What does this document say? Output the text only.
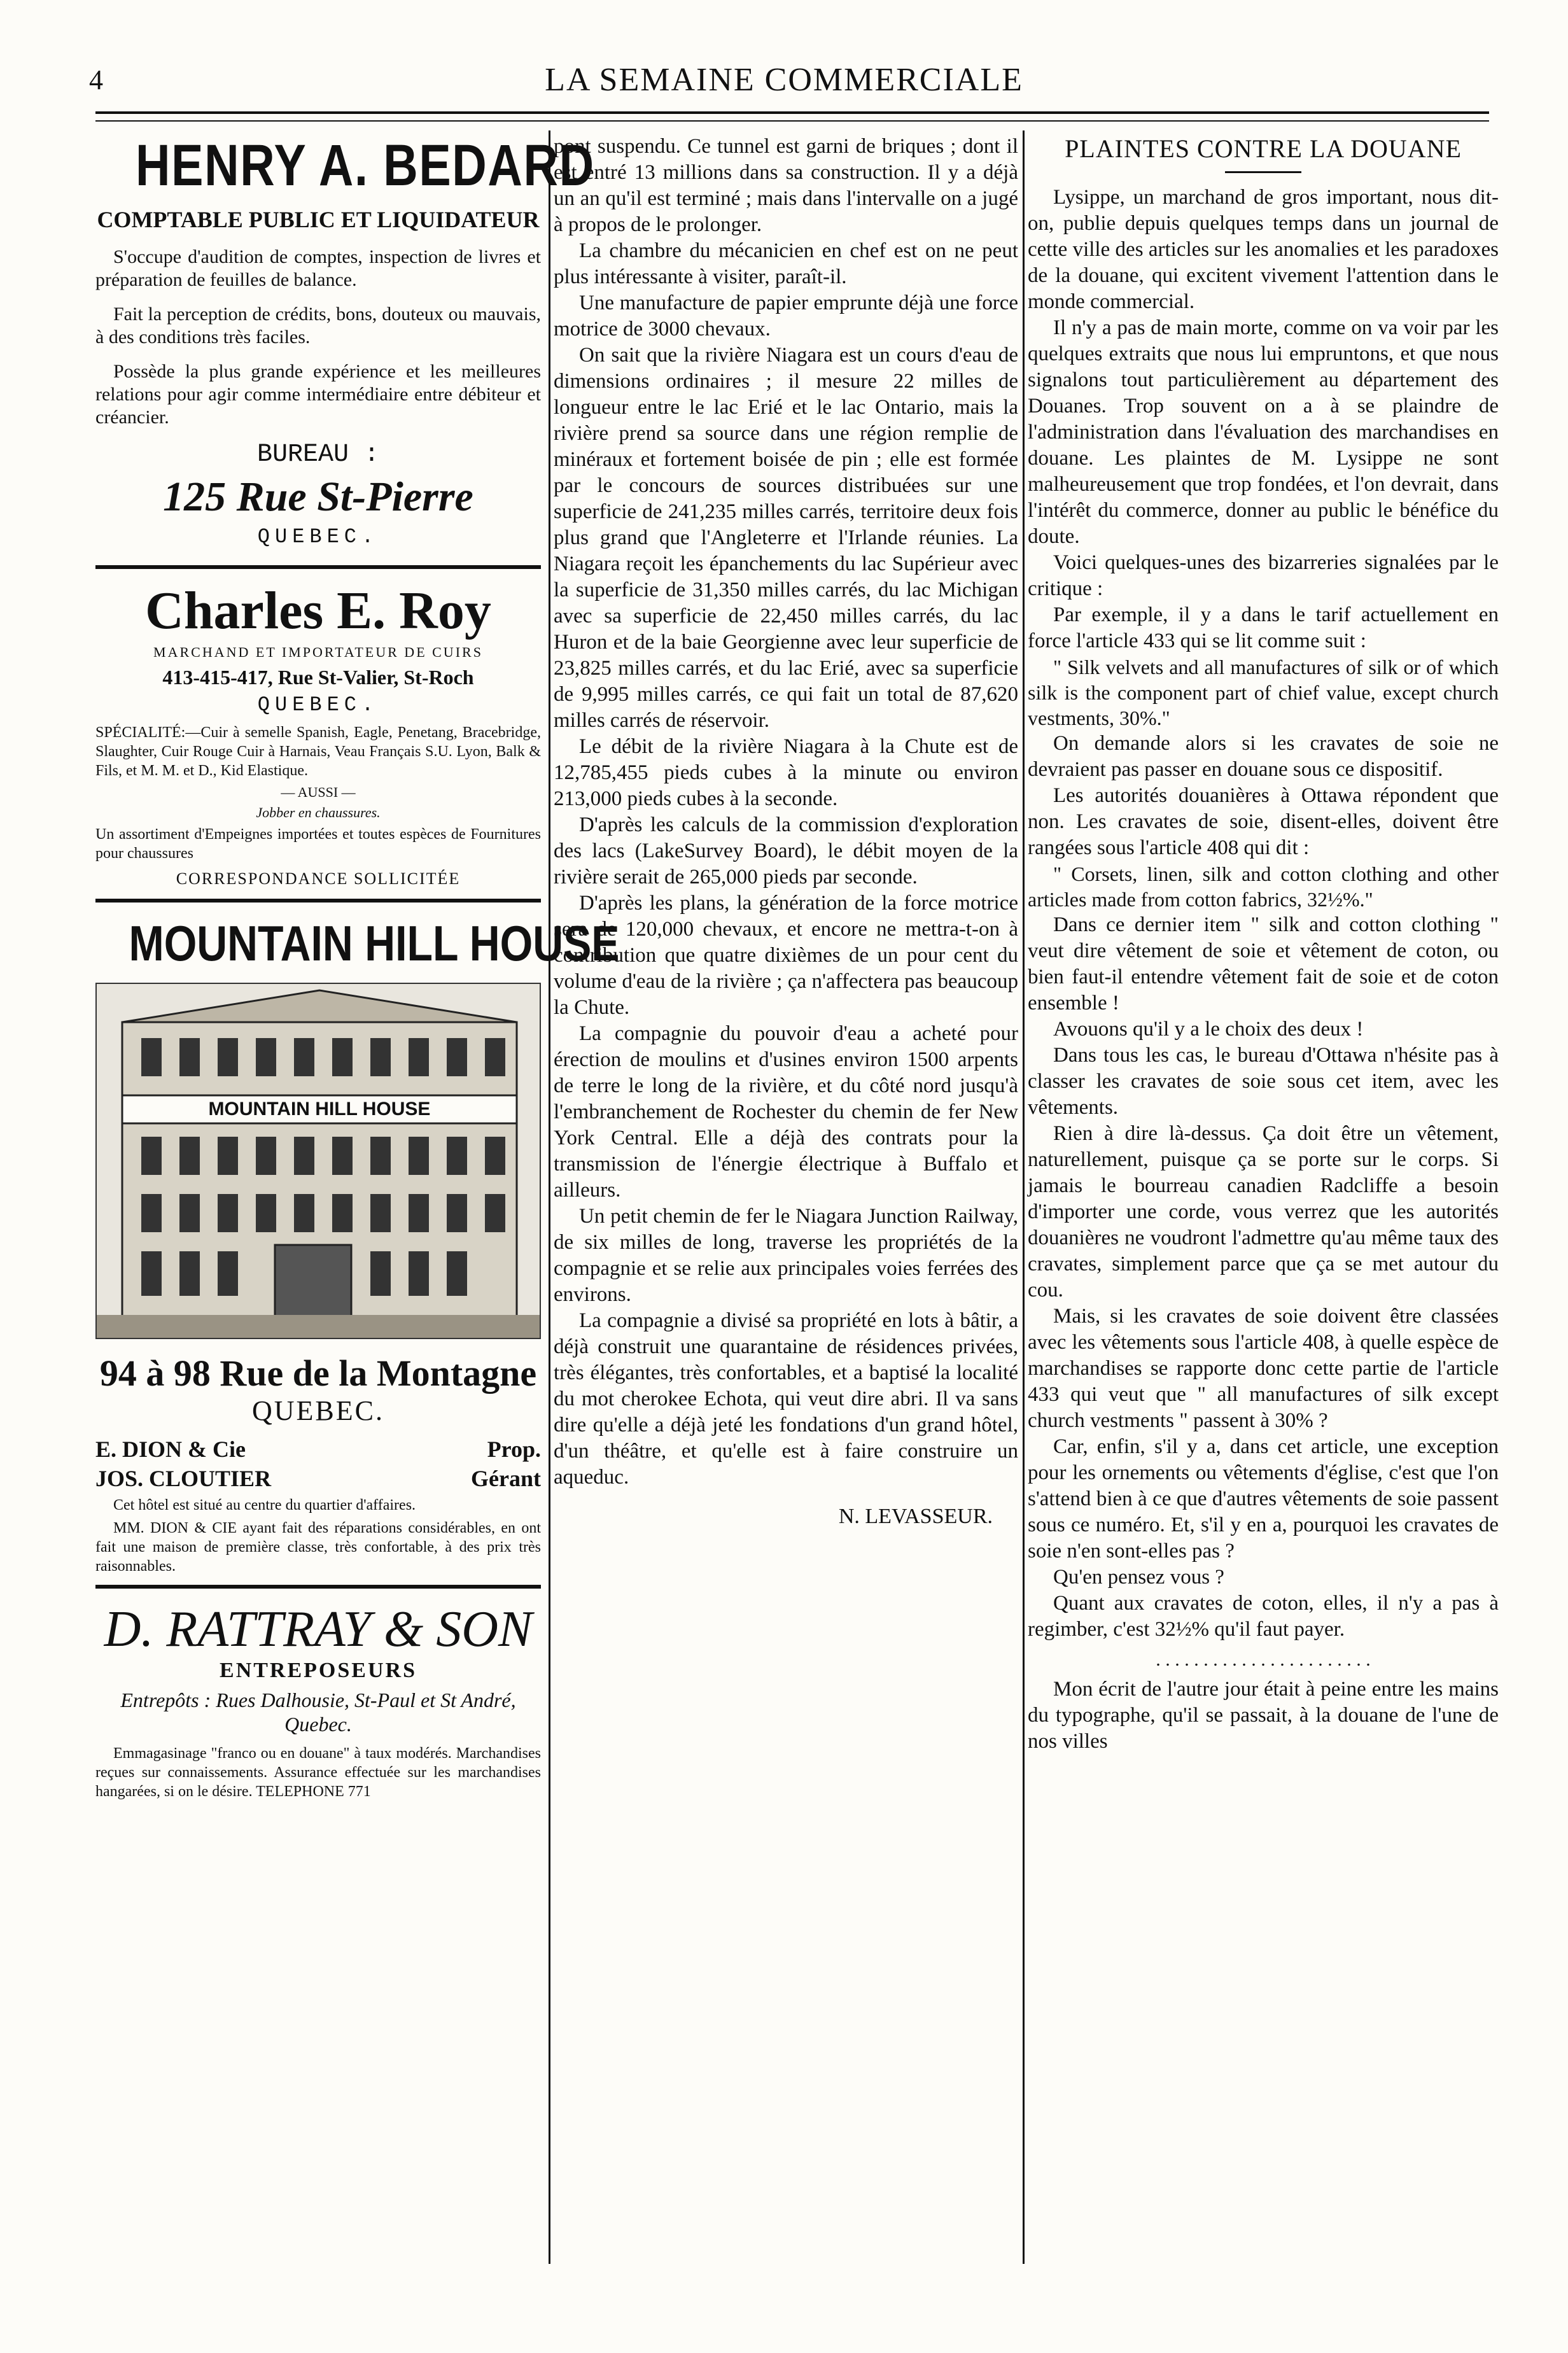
4	LA SEMAINE COMMERCIALE
HENRY A. BEDARD
COMPTABLE PUBLIC ET LIQUIDATEUR

S'occupe d'audition de comptes, inspection de livres et préparation de feuilles de balance.

Fait la perception de crédits, bons, douteux ou mauvais, à des conditions très faciles.

Possède la plus grande expérience et les meilleures relations pour agir comme intermédiaire entre débiteur et créancier.

BUREAU :
125 Rue St-Pierre
QUEBEC.
Charles E. Roy
MARCHAND ET IMPORTATEUR DE CUIRS
413-415-417, Rue St-Valier, St-Roch
QUEBEC.

SPÉCIALITÉ:—Cuir à semelle Spanish, Eagle, Penetang, Bracebridge, Slaughter, Cuir Rouge Cuir à Harnais, Veau Français S.U. Lyon, Balk & Fils, et M. M. et D., Kid Elastique.

— AUSSI —
Jobber en chaussures.

Un assortiment d'Empeignes importées et toutes espèces de Fournitures pour chaussures

CORRESPONDANCE SOLLICITÉE
MOUNTAIN HILL HOUSE
MOUNTAIN HILL HOUSE
94 à 98 Rue de la Montagne
QUEBEC.
E. DION & Cie	Prop.
JOS. CLOUTIER	Gérant

Cet hôtel est situé au centre du quartier d'affaires.

MM. DION & CIE ayant fait des réparations considérables, en ont fait une maison de première classe, très confortable, à des prix très raisonnables.

D. RATTRAY & SON
ENTREPOSEURS
Entrepôts : Rues Dalhousie, St-Paul et St André, Quebec.

Emmagasinage "franco ou en douane" à taux modérés. Marchandises reçues sur connaissements. Assurance effectuée sur les marchandises hangarées, si on le désire. TELEPHONE 771

pont suspendu. Ce tunnel est garni de briques ; dont il est entré 13 millions dans sa construction. Il y a déjà un an qu'il est terminé ; mais dans l'intervalle on a jugé à propos de le prolonger.

La chambre du mécanicien en chef est on ne peut plus intéressante à visiter, paraît-il.

Une manufacture de papier emprunte déjà une force motrice de 3000 chevaux.

On sait que la rivière Niagara est un cours d'eau de dimensions ordinaires ; il mesure 22 milles de longueur entre le lac Erié et le lac Ontario, mais la rivière prend sa source dans une région remplie de minéraux et fortement boisée de pin ; elle est formée par le concours de sources distribuées sur une superficie de 241,235 milles carrés, territoire deux fois plus grand que l'Angleterre et l'Irlande réunies. La Niagara reçoit les épanchements du lac Supérieur avec la superficie de 31,350 milles carrés, du lac Michigan avec sa superficie de 22,450 milles carrés, du lac Huron et de la baie Georgienne avec leur superficie de 23,825 milles carrés, et du lac Erié, avec sa superficie de 9,995 milles carrés, ce qui fait un total de 87,620 milles carrés de réservoir.

Le débit de la rivière Niagara à la Chute est de 12,785,455 pieds cubes à la minute ou environ 213,000 pieds cubes à la seconde.

D'après les calculs de la commission d'exploration des lacs (LakeSurvey Board), le débit moyen de la rivière serait de 265,000 pieds par seconde.

D'après les plans, la génération de la force motrice sera de 120,000 chevaux, et encore ne mettra-t-on à contribution que quatre dixièmes de un pour cent du volume d'eau de la rivière ; ça n'affectera pas beaucoup la Chute.

La compagnie du pouvoir d'eau a acheté pour érection de moulins et d'usines environ 1500 arpents de terre le long de la rivière, et du côté nord jusqu'à l'embranchement de Rochester du chemin de fer New York Central. Elle a déjà des contrats pour la transmission de l'énergie électrique à Buffalo et ailleurs.

Un petit chemin de fer le Niagara Junction Railway, de six milles de long, traverse les propriétés de la compagnie et se relie aux principales voies ferrées des environs.

La compagnie a divisé sa propriété en lots à bâtir, a déjà construit une quarantaine de résidences privées, très élégantes, très confortables, et a baptisé la localité du mot cherokee Echota, qui veut dire abri. Il va sans dire qu'elle a déjà jeté les fondations d'un grand hôtel, d'un théâtre, et qu'elle est à faire construire un aqueduc.

N. LEVASSEUR.
PLAINTES CONTRE LA DOUANE

Lysippe, un marchand de gros important, nous dit-on, publie depuis quelques temps dans un journal de cette ville des articles sur les anomalies et les paradoxes de la douane, qui excitent vivement l'attention dans le monde commercial.

Il n'y a pas de main morte, comme on va voir par les quelques extraits que nous lui empruntons, et que nous signalons tout particulièrement au département des Douanes. Trop souvent on a à se plaindre de l'administration dans l'évaluation des marchandises en douane. Les plaintes de M. Lysippe ne sont malheureusement que trop fondées, et l'on devrait, dans l'intérêt du commerce, donner au public le bénéfice du doute.

Voici quelques-unes des bizarreries signalées par le critique :

Par exemple, il y a dans le tarif actuellement en force l'article 433 qui se lit comme suit :

" Silk velvets and all manufactures of silk or of which silk is the component part of chief value, except church vestments, 30%."

On demande alors si les cravates de soie ne devraient pas passer en douane sous ce dispositif.

Les autorités douanières à Ottawa répondent que non. Les cravates de soie, disent-elles, doivent être rangées sous l'article 408 qui dit :

" Corsets, linen, silk and cotton clothing and other articles made from cotton fabrics, 32½%."

Dans ce dernier item " silk and cotton clothing " veut dire vêtement de soie et vêtement de coton, ou bien faut-il entendre vêtement fait de soie et de coton ensemble !

Avouons qu'il y a le choix des deux !

Dans tous les cas, le bureau d'Ottawa n'hésite pas à classer les cravates de soie sous cet item, avec les vêtements.

Rien à dire là-dessus. Ça doit être un vêtement, naturellement, puisque ça se porte sur le corps. Si jamais le bourreau canadien Radcliffe a besoin d'importer une corde, vous verrez que les autorités douanières ne voudront l'admettre qu'au même taux des cravates, simplement parce que ça se met autour du cou.

Mais, si les cravates de soie doivent être classées avec les vêtements sous l'article 408, à quelle espèce de marchandises se rapporte donc cette partie de l'article 433 qui veut que " all manufactures of silk except church vestments " passent à 30% ?

Car, enfin, s'il y a, dans cet article, une exception pour les ornements ou vêtements d'église, c'est que l'on s'attend bien à ce que d'autres vêtements de soie passent sous ce numéro. Et, s'il y en a, pourquoi les cravates de soie n'en sont-elles pas ?

Qu'en pensez vous ?

Quant aux cravates de coton, elles, il n'y a pas à regimber, c'est 32½% qu'il faut payer.

. . . . . . . . . . . . . . . . . . . . . . .

Mon écrit de l'autre jour était à peine entre les mains du typographe, qu'il se passait, à la douane de l'une de nos villes
